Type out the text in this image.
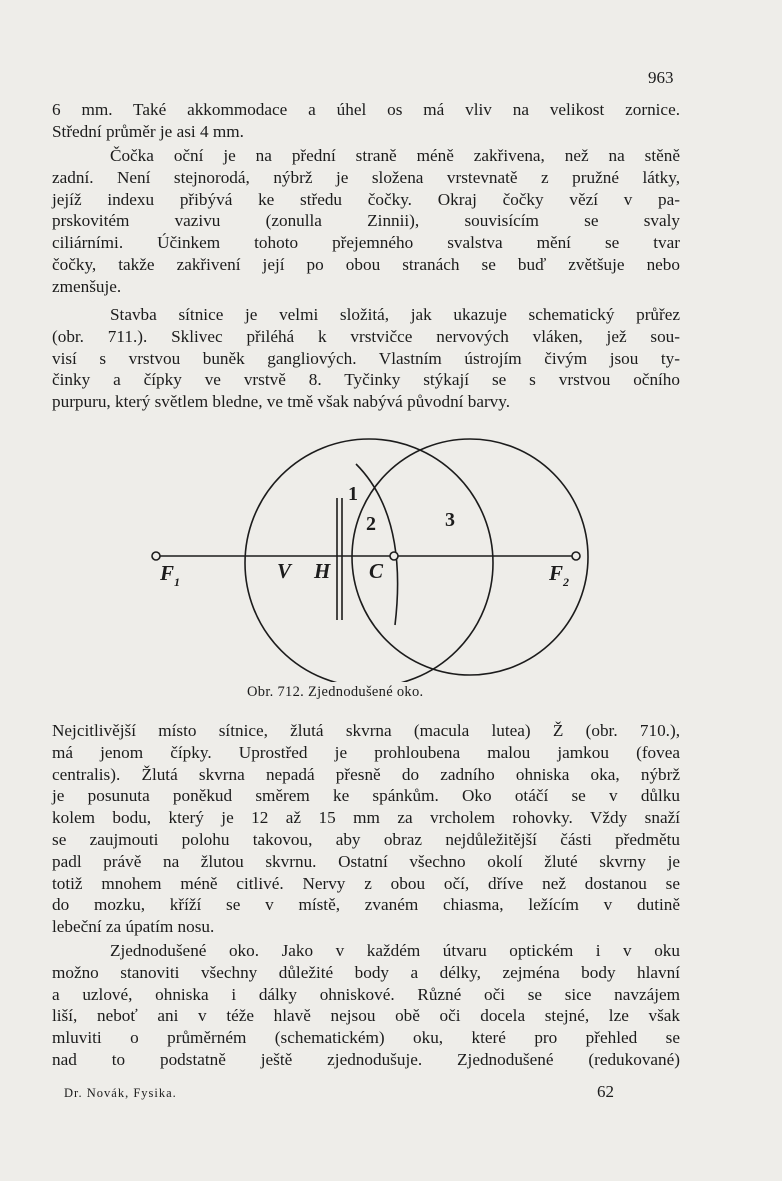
963
6 mm. Také akkommodace a úhel os má vliv na velikost zornice.
Střední průměr je asi 4 mm.
Čočka oční je na přední straně méně zakřivena, než na stěně
zadní. Není stejnorodá, nýbrž je složena vrstevnatě z pružné látky,
jejíž indexu přibývá ke středu čočky. Okraj čočky vězí v pa-
prskovitém vazivu (zonulla Zinnii), souvisícím se svaly
ciliárními. Účinkem tohoto přejemného svalstva mění se tvar
čočky, takže zakřivení její po obou stranách se buď zvětšuje nebo
zmenšuje.
Stavba sítnice je velmi složitá, jak ukazuje schematický průřez
(obr. 711.). Sklivec přiléhá k vrstvičce nervových vláken, jež sou-
visí s vrstvou buněk gangliových. Vlastním ústrojím čivým jsou ty-
činky a čípky ve vrstvě 8. Tyčinky stýkají se s vrstvou očního
purpuru, který světlem bledne, ve tmě však nabývá původní barvy.
1
2	3
F 1	V H C	F 2
Obr. 712. Zjednodušené oko.
Nejcitlivější místo sítnice, žlutá skvrna (macula lutea) Ž (obr. 710.),
má jenom čípky. Uprostřed je prohloubena malou jamkou (fovea
centralis). Žlutá skvrna nepadá přesně do zadního ohniska oka, nýbrž
je posunuta poněkud směrem ke spánkům. Oko otáčí se v důlku
kolem bodu, který je 12 až 15 mm za vrcholem rohovky. Vždy snaží
se zaujmouti polohu takovou, aby obraz nejdůležitější části předmětu
padl právě na žlutou skvrnu. Ostatní všechno okolí žluté skvrny je
totiž mnohem méně citlivé. Nervy z obou očí, dříve než dostanou se
do mozku, kříží se v místě, zvaném chiasma, ležícím v dutině
lebeční za úpatím nosu.
Zjednodušené oko. Jako v každém útvaru optickém i v oku
možno stanoviti všechny důležité body a délky, zejména body hlavní
a uzlové, ohniska i dálky ohniskové. Různé oči se sice navzájem
liší, neboť ani v téže hlavě nejsou obě oči docela stejné, lze však
mluviti o průměrném (schematickém) oku, které pro přehled se
nad to podstatně ještě zjednodušuje. Zjednodušené (redukované)
Dr. Novák, Fysika.	62
